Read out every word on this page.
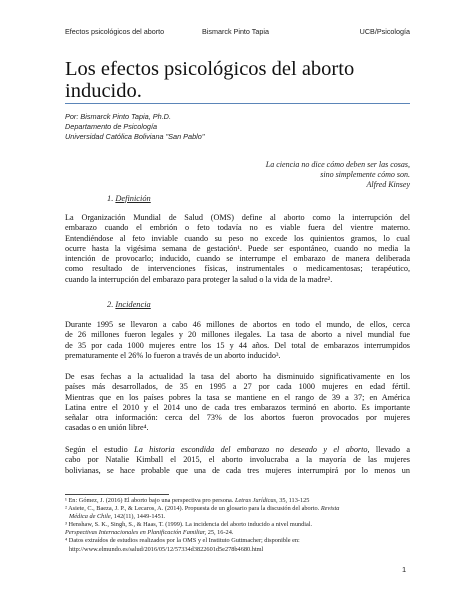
Efectos psicológicos del aborto	Bismarck Pinto Tapia	UCB/Psicología
Los efectos psicológicos del aborto
inducido.
Por: Bismarck Pinto Tapia, Ph.D.
Departamento de Psicología
Universidad Católica Boliviana "San Pablo"
La ciencia no dice cómo deben ser las cosas,
sino simplemente cómo son.
Alfred Kinsey
1. Definición
La Organización Mundial de Salud (OMS) define al aborto como la interrupción del
embarazo cuando el embrión o feto todavía no es viable fuera del vientre materno.
Entendiéndose al feto inviable cuando su peso no excede los quinientos gramos, lo cual
ocurre hasta la vigésima semana de gestación¹. Puede ser espontáneo, cuando no media la
intención de provocarlo; inducido, cuando se interrumpe el embarazo de manera deliberada
como resultado de intervenciones físicas, instrumentales o medicamentosas; terapéutico,
cuando la interrupción del embarazo para proteger la salud o la vida de la madre².
2. Incidencia
Durante 1995 se llevaron a cabo 46 millones de abortos en todo el mundo, de ellos, cerca
de 26 millones fueron legales y 20 millones ilegales. La tasa de aborto a nivel mundial fue
de 35 por cada 1000 mujeres entre los 15 y 44 años. Del total de embarazos interrumpidos
prematuramente el 26% lo fueron a través de un aborto inducido³.
De esas fechas a la actualidad la tasa del aborto ha disminuido significativamente en los
países más desarrollados, de 35 en 1995 a 27 por cada 1000 mujeres en edad fértil.
Mientras que en los países pobres la tasa se mantiene en el rango de 39 a 37; en América
Latina entre el 2010 y el 2014 uno de cada tres embarazos terminó en aborto. Es importante
señalar otra información: cerca del 73% de los abortos fueron provocados por mujeres
casadas o en unión libre⁴.
Según el estudio La historia escondida del embarazo no deseado y el aborto, llevado a
cabo por Natalie Kimball el 2015, el aborto involucraba a la mayoría de las mujeres
bolivianas, se hace probable que una de cada tres mujeres interrumpirá por lo menos un
¹ En: Gómez, J. (2016) El aborto bajo una perspectiva pro persona. Letras Jurídicas, 35, 113-125
² Asiete, C., Baeza, J. P., & Lecaros, A. (2014). Propuesta de un glosario para la discusión del aborto. Revista
Médica de Chile, 142(11), 1449-1451.
³ Henshaw, S. K., Singh, S., & Haas, T. (1999). La incidencia del aborto inducido a nivel mundial.
Perspectivas Internacionales en Planificación Familiar, 25, 16-24.
⁴ Datos extraídos de estudios realizados por la OMS y el Instituto Guttmacher; disponible en:
http://www.elmundo.es/salud/2016/05/12/57334d3822601d5e278b4680.html
1
